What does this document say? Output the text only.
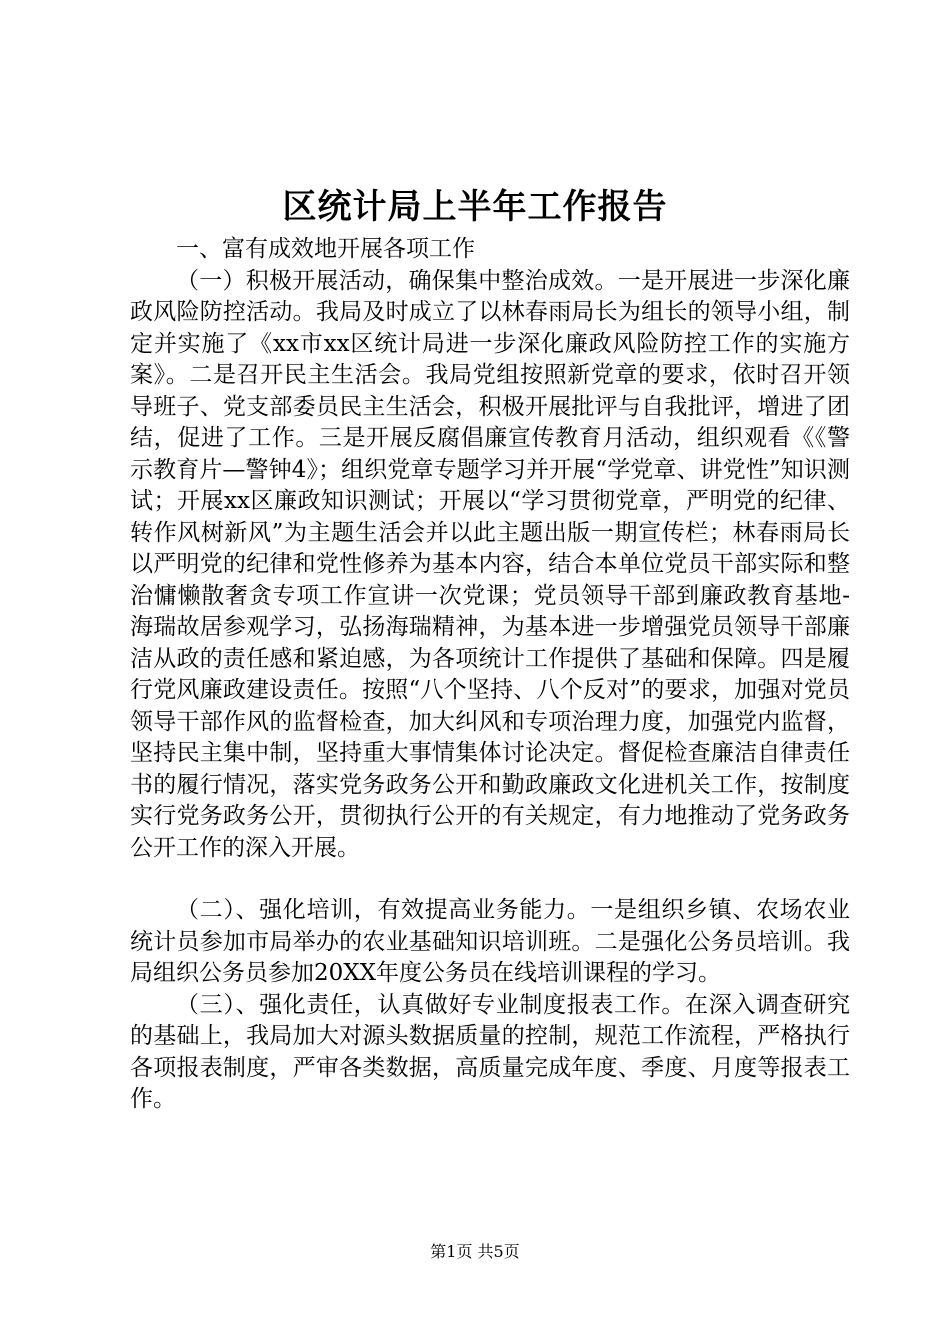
区统计局上半年工作报告

一、富有成效地开展各项工作

（一）积极开展活动，确保集中整治成效。一是开展进一步深化廉政风险防控活动。我局及时成立了以林春雨局长为组长的领导小组，制定并实施了《xx市xx区统计局进一步深化廉政风险防控工作的实施方案》。二是召开民主生活会。我局党组按照新党章的要求，依时召开领导班子、党支部委员民主生活会，积极开展批评与自我批评，增进了团结，促进了工作。三是开展反腐倡廉宣传教育月活动，组织观看《《警示教育片—警钟4》；组织党章专题学习并开展“学党章、讲党性”知识测试；开展xx区廉政知识测试；开展以“学习贯彻党章，严明党的纪律、转作风树新风”为主题生活会并以此主题出版一期宣传栏；林春雨局长以严明党的纪律和党性修养为基本内容，结合本单位党员干部实际和整治慵懒散奢贪专项工作宣讲一次党课；党员领导干部到廉政教育基地-海瑞故居参观学习，弘扬海瑞精神，为基本进一步增强党员领导干部廉洁从政的责任感和紧迫感，为各项统计工作提供了基础和保障。四是履行党风廉政建设责任。按照“八个坚持、八个反对”的要求，加强对党员领导干部作风的监督检查，加大纠风和专项治理力度，加强党内监督，坚持民主集中制，坚持重大事情集体讨论决定。督促检查廉洁自律责任书的履行情况，落实党务政务公开和勤政廉政文化进机关工作，按制度实行党务政务公开，贯彻执行公开的有关规定，有力地推动了党务政务公开工作的深入开展。

（二）、强化培训，有效提高业务能力。一是组织乡镇、农场农业统计员参加市局举办的农业基础知识培训班。二是强化公务员培训。我局组织公务员参加20XX年度公务员在线培训课程的学习。

（三）、强化责任，认真做好专业制度报表工作。在深入调查研究的基础上，我局加大对源头数据质量的控制，规范工作流程，严格执行各项报表制度，严审各类数据，高质量完成年度、季度、月度等报表工作。

第1页 共5页
